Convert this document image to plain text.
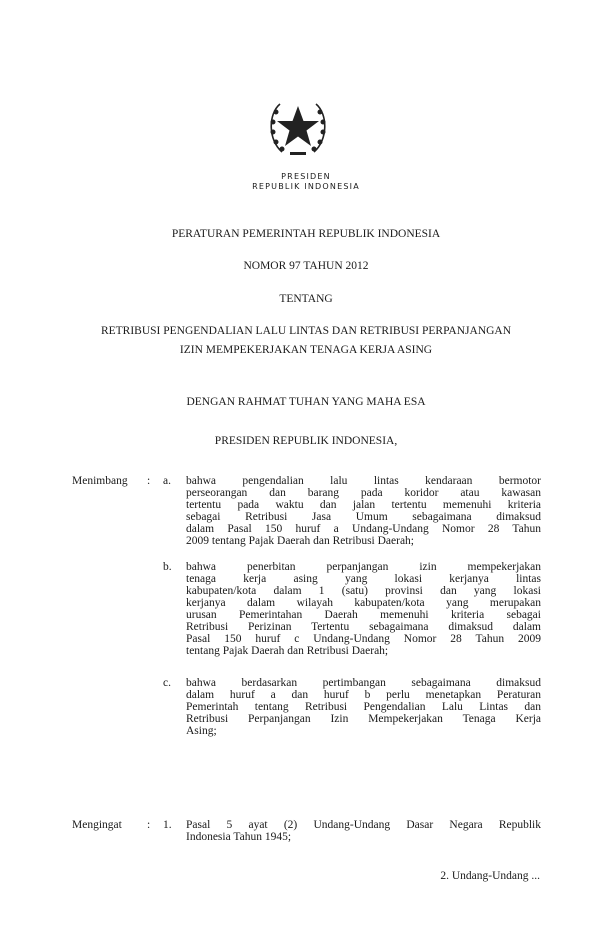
PRESIDEN
REPUBLIK INDONESIA
PERATURAN PEMERINTAH REPUBLIK INDONESIA
NOMOR 97 TAHUN 2012
TENTANG
RETRIBUSI PENGENDALIAN LALU LINTAS DAN RETRIBUSI PERPANJANGAN
IZIN MEMPEKERJAKAN TENAGA KERJA ASING
DENGAN RAHMAT TUHAN YANG MAHA ESA
PRESIDEN REPUBLIK INDONESIA,
Menimbang : a. bahwa pengendalian lalu lintas kendaraan bermotor
perseorangan dan barang pada koridor atau kawasan
tertentu pada waktu dan jalan tertentu memenuhi kriteria
sebagai Retribusi Jasa Umum sebagaimana dimaksud
dalam Pasal 150 huruf a Undang-Undang Nomor 28 Tahun
2009 tentang Pajak Daerah dan Retribusi Daerah;
b. bahwa penerbitan perpanjangan izin mempekerjakan
tenaga kerja asing yang lokasi kerjanya lintas
kabupaten/kota dalam 1 (satu) provinsi dan yang lokasi
kerjanya dalam wilayah kabupaten/kota yang merupakan
urusan Pemerintahan Daerah memenuhi kriteria sebagai
Retribusi Perizinan Tertentu sebagaimana dimaksud dalam
Pasal 150 huruf c Undang-Undang Nomor 28 Tahun 2009
tentang Pajak Daerah dan Retribusi Daerah;
c. bahwa berdasarkan pertimbangan sebagaimana dimaksud
dalam huruf a dan huruf b perlu menetapkan Peraturan
Pemerintah tentang Retribusi Pengendalian Lalu Lintas dan
Retribusi Perpanjangan Izin Mempekerjakan Tenaga Kerja
Asing;
Mengingat : 1. Pasal 5 ayat (2) Undang-Undang Dasar Negara Republik
Indonesia Tahun 1945;
2. Undang-Undang ...
